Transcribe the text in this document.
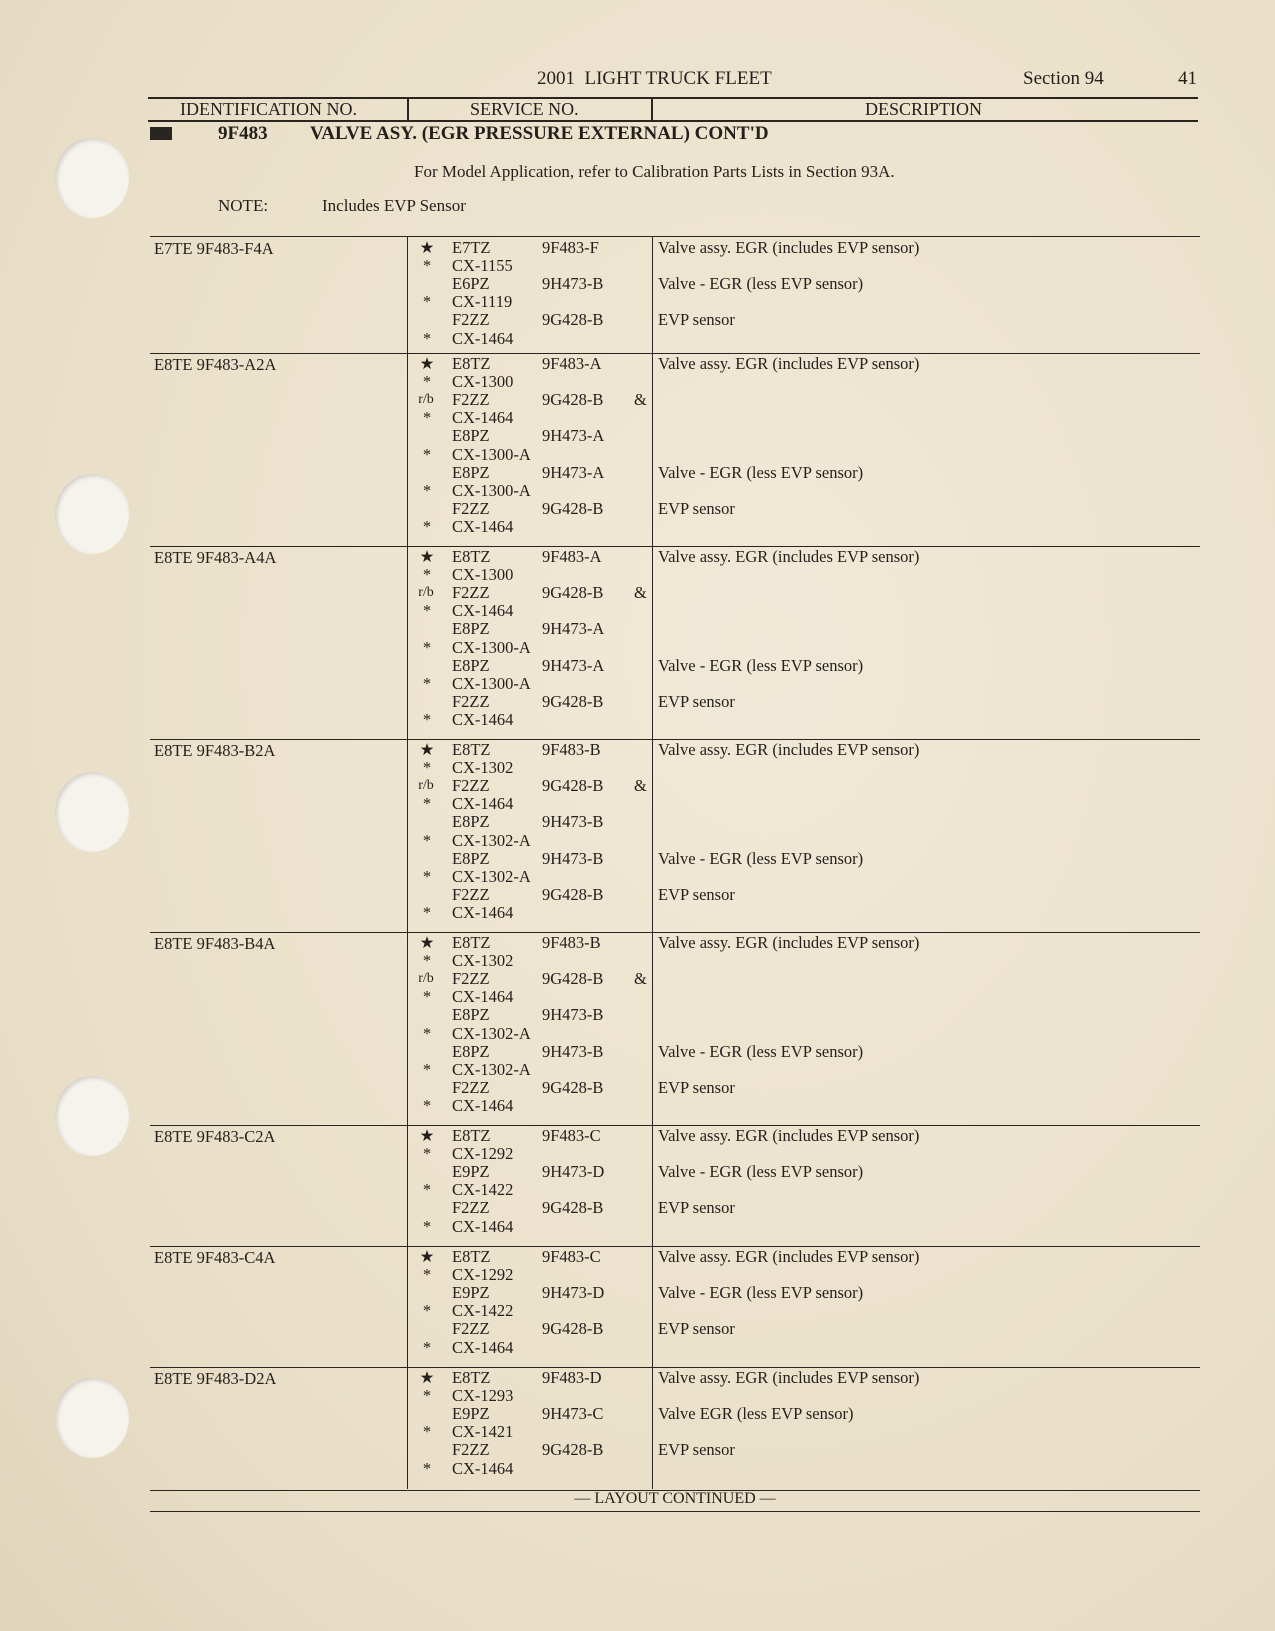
2001  LIGHT TRUCK FLEET	Section 94	41
IDENTIFICATION NO.	SERVICE NO.	DESCRIPTION
9F483 VALVE ASY. (EGR PRESSURE EXTERNAL) CONT'D
For Model Application, refer to Calibration Parts Lists in Section 93A.
NOTE:	Includes EVP Sensor
E7TE 9F483-F4A	★ E7TZ	9F483-F	Valve assy. EGR (includes EVP sensor)
* CX-1155
E6PZ	9H473-B	Valve - EGR (less EVP sensor)
* CX-1119
F2ZZ	9G428-B	EVP sensor
* CX-1464
E8TE 9F483-A2A	★ E8TZ	9F483-A	Valve assy. EGR (includes EVP sensor)
* CX-1300
r/b F2ZZ	9G428-B &
* CX-1464
E8PZ	9H473-A
* CX-1300-A
E8PZ	9H473-A	Valve - EGR (less EVP sensor)
* CX-1300-A
F2ZZ	9G428-B	EVP sensor
* CX-1464
E8TE 9F483-A4A	★ E8TZ	9F483-A	Valve assy. EGR (includes EVP sensor)
* CX-1300
r/b F2ZZ	9G428-B &
* CX-1464
E8PZ	9H473-A
* CX-1300-A
E8PZ	9H473-A	Valve - EGR (less EVP sensor)
* CX-1300-A
F2ZZ	9G428-B	EVP sensor
* CX-1464
E8TE 9F483-B2A	★ E8TZ	9F483-B	Valve assy. EGR (includes EVP sensor)
* CX-1302
r/b F2ZZ	9G428-B &
* CX-1464
E8PZ	9H473-B
* CX-1302-A
E8PZ	9H473-B	Valve - EGR (less EVP sensor)
* CX-1302-A
F2ZZ	9G428-B	EVP sensor
* CX-1464
E8TE 9F483-B4A	★ E8TZ	9F483-B	Valve assy. EGR (includes EVP sensor)
* CX-1302
r/b F2ZZ	9G428-B &
* CX-1464
E8PZ	9H473-B
* CX-1302-A
E8PZ	9H473-B	Valve - EGR (less EVP sensor)
* CX-1302-A
F2ZZ	9G428-B	EVP sensor
* CX-1464
E8TE 9F483-C2A	★ E8TZ	9F483-C	Valve assy. EGR (includes EVP sensor)
* CX-1292
E9PZ	9H473-D	Valve - EGR (less EVP sensor)
* CX-1422
F2ZZ	9G428-B	EVP sensor
* CX-1464
E8TE 9F483-C4A	★ E8TZ	9F483-C	Valve assy. EGR (includes EVP sensor)
* CX-1292
E9PZ	9H473-D	Valve - EGR (less EVP sensor)
* CX-1422
F2ZZ	9G428-B	EVP sensor
* CX-1464
E8TE 9F483-D2A	★ E8TZ	9F483-D	Valve assy. EGR (includes EVP sensor)
* CX-1293
E9PZ	9H473-C	Valve EGR (less EVP sensor)
* CX-1421
F2ZZ	9G428-B	EVP sensor
* CX-1464
— LAYOUT CONTINUED —
